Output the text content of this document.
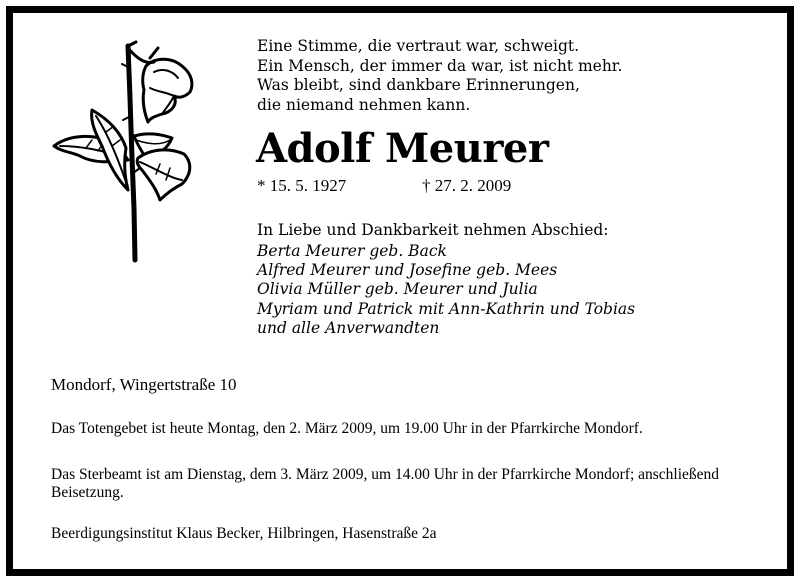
Eine Stimme, die vertraut war, schweigt.
Ein Mensch, der immer da war, ist nicht mehr.
Was bleibt, sind dankbare Erinnerungen,
die niemand nehmen kann.
Adolf Meurer
* 15. 5. 1927	† 27. 2. 2009
In Liebe und Dankbarkeit nehmen Abschied:
Berta Meurer geb. Back
Alfred Meurer und Josefine geb. Mees
Olivia Müller geb. Meurer und Julia
Myriam und Patrick mit Ann-Kathrin und Tobias
und alle Anverwandten
Mondorf, Wingertstraße 10
Das Totengebet ist heute Montag, den 2. März 2009, um 19.00 Uhr in der Pfarrkirche Mondorf.
Das Sterbeamt ist am Dienstag, dem 3. März 2009, um 14.00 Uhr in der Pfarrkirche Mondorf; anschließend Beisetzung.
Beerdigungsinstitut Klaus Becker, Hilbringen, Hasenstraße 2a
